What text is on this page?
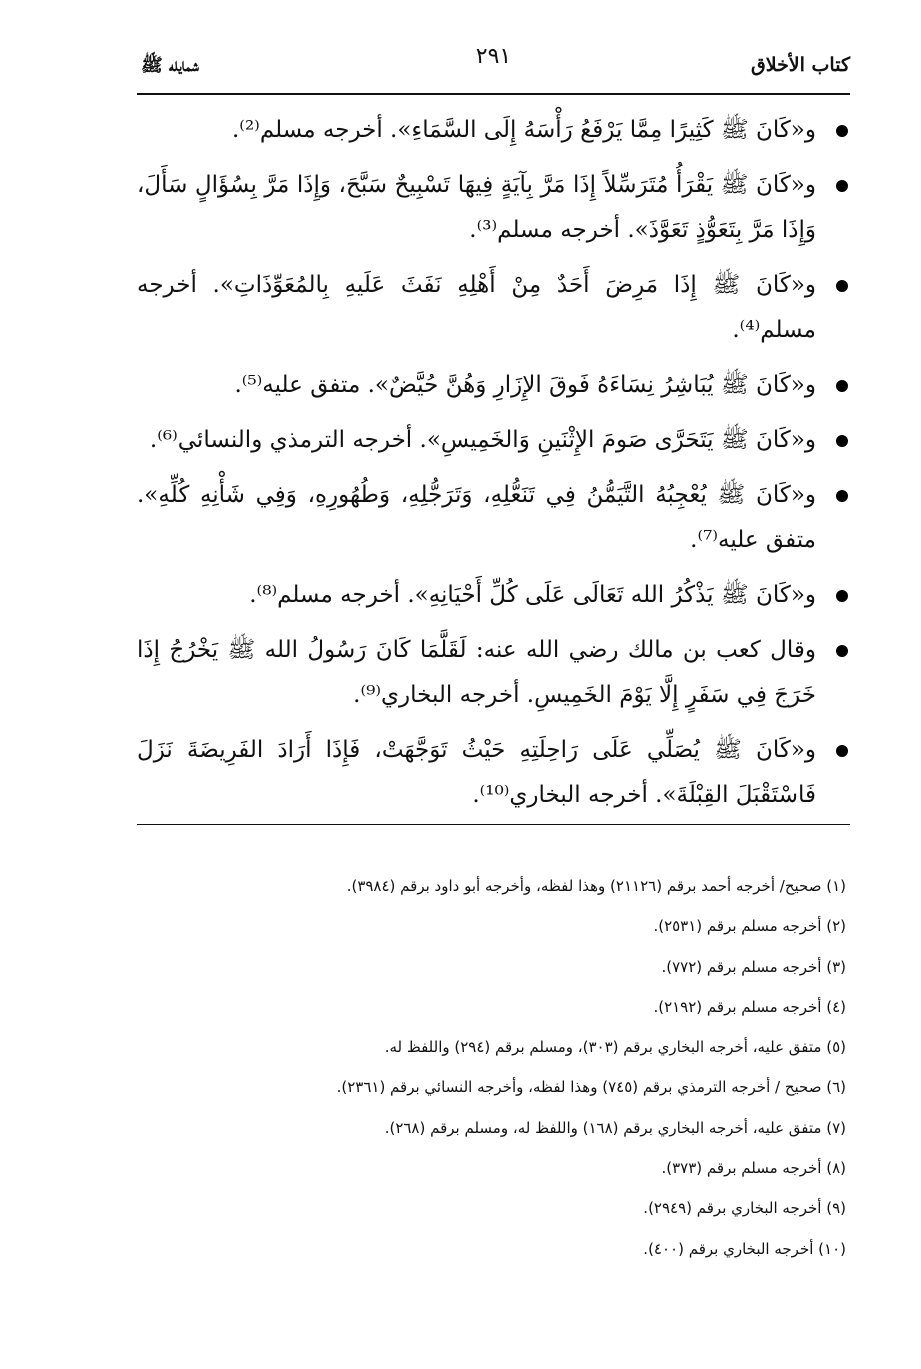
كتاب الأخلاق
٢٩١
شمايله ﷺ
و«كَانَ ﷺ كَثِيرًا مِمَّا يَرْفَعُ رَأْسَهُ إِلَى السَّمَاءِ». أخرجه مسلم⁽²⁾.
و«كَانَ ﷺ يَقْرَأُ مُتَرَسِّلاً إِذَا مَرَّ بِآيَةٍ فِيهَا تَسْبِيحٌ سَبَّحَ، وَإِذَا مَرَّ بِسُؤَالٍ سَأَلَ، وَإِذَا مَرَّ بِتَعَوُّذٍ تَعَوَّذَ». أخرجه مسلم⁽³⁾.
و«كَانَ ﷺ إِذَا مَرِضَ أَحَدٌ مِنْ أَهْلِهِ نَفَثَ عَلَيهِ بِالمُعَوِّذَاتِ». أخرجه مسلم⁽⁴⁾.
و«كَانَ ﷺ يُبَاشِرُ نِسَاءَهُ فَوقَ الإِزَارِ وَهُنَّ حُيَّضٌ». متفق عليه⁽⁵⁾.
و«كَانَ ﷺ يَتَحَرَّى صَومَ الإِثْنَينِ وَالخَمِيسِ». أخرجه الترمذي والنسائي⁽⁶⁾.
و«كَانَ ﷺ يُعْجِبُهُ التَّيَمُّنُ فِي تَنَعُّلِهِ، وَتَرَجُّلِهِ، وَطُهُورِهِ، وَفِي شَأْنِهِ كُلِّهِ». متفق عليه⁽⁷⁾.
و«كَانَ ﷺ يَذْكُرُ الله تَعَالَى عَلَى كُلِّ أَحْيَانِهِ». أخرجه مسلم⁽⁸⁾.
وقال كعب بن مالك رضي الله عنه: لَقَلَّمَا كَانَ رَسُولُ الله ﷺ يَخْرُجُ إِذَا خَرَجَ فِي سَفَرٍ إِلَّا يَوْمَ الخَمِيسِ. أخرجه البخاري⁽⁹⁾.
و«كَانَ ﷺ يُصَلِّي عَلَى رَاحِلَتِهِ حَيْثُ تَوَجَّهَتْ، فَإِذَا أَرَادَ الفَرِيضَةَ نَزَلَ فَاسْتَقْبَلَ القِبْلَةَ». أخرجه البخاري⁽¹⁰⁾.
(١) صحيح/ أخرجه أحمد برقم (٢١١٢٦) وهذا لفظه، وأخرجه أبو داود برقم (٣٩٨٤).
(٢) أخرجه مسلم برقم (٢٥٣١).
(٣) أخرجه مسلم برقم (٧٧٢).
(٤) أخرجه مسلم برقم (٢١٩٢).
(٥) متفق عليه، أخرجه البخاري برقم (٣٠٣)، ومسلم برقم (٢٩٤) واللفظ له.
(٦) صحيح / أخرجه الترمذي برقم (٧٤٥) وهذا لفظه، وأخرجه النسائي برقم (٢٣٦١).
(٧) متفق عليه، أخرجه البخاري برقم (١٦٨) واللفظ له، ومسلم برقم (٢٦٨).
(٨) أخرجه مسلم برقم (٣٧٣).
(٩) أخرجه البخاري برقم (٢٩٤٩).
(١٠) أخرجه البخاري برقم (٤٠٠).
